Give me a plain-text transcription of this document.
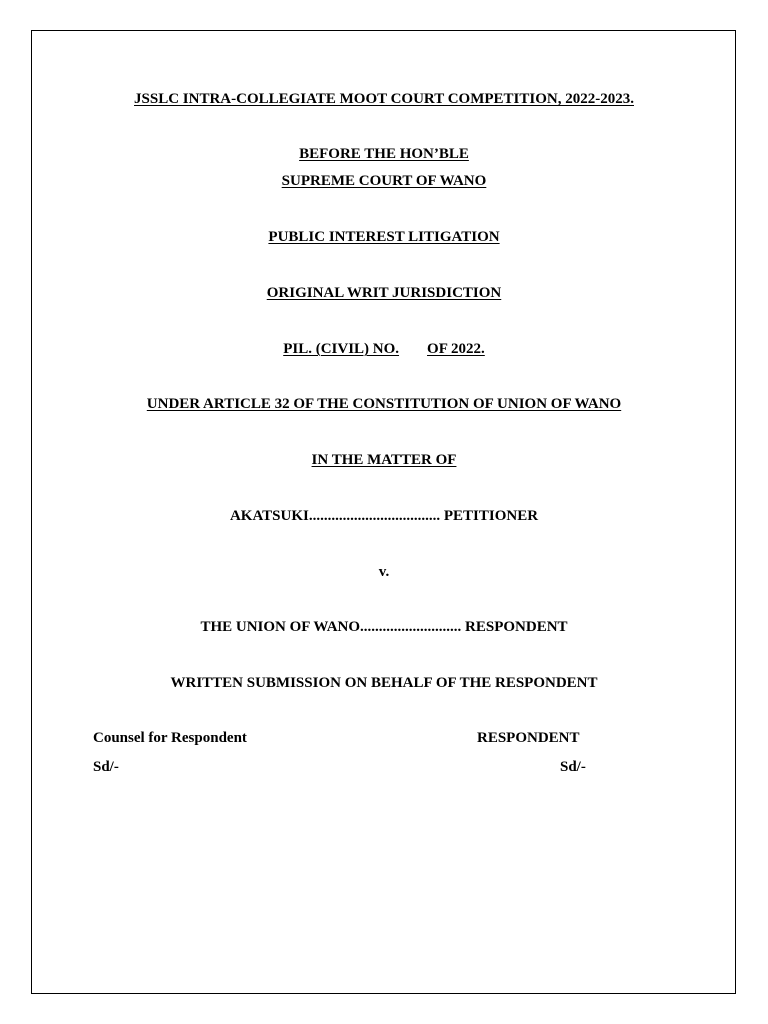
JSSLC INTRA-COLLEGIATE MOOT COURT COMPETITION, 2022-2023.
BEFORE THE HON’BLE
SUPREME COURT OF WANO
PUBLIC INTEREST LITIGATION
ORIGINAL WRIT JURISDICTION
PIL. (CIVIL) NO. OF 2022.
UNDER ARTICLE 32 OF THE CONSTITUTION OF UNION OF WANO
IN THE MATTER OF
AKATSUKI................................... PETITIONER
v.
THE UNION OF WANO........................... RESPONDENT
WRITTEN SUBMISSION ON BEHALF OF THE RESPONDENT
Counsel for Respondent
Sd/-
RESPONDENT
Sd/-
